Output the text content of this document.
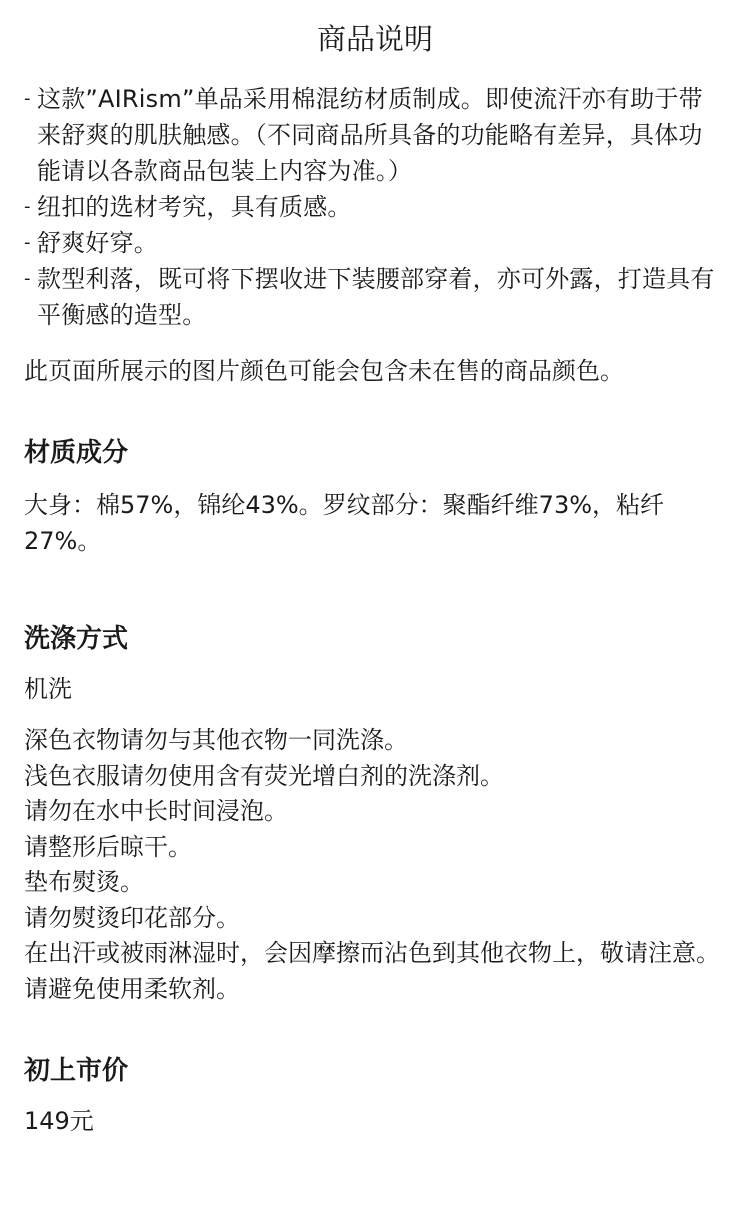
商品说明
- 这款”AIRism”单品采用棉混纺材质制成。即使流汗亦有助于带来舒爽的肌肤触感。（不同商品所具备的功能略有差异，具体功能请以各款商品包装上内容为准。）
- 纽扣的选材考究，具有质感。
- 舒爽好穿。
- 款型利落，既可将下摆收进下装腰部穿着，亦可外露，打造具有平衡感的造型。

此页面所展示的图片颜色可能会包含未在售的商品颜色。

材质成分

大身：棉57%，锦纶43%。罗纹部分：聚酯纤维73%，粘纤27%。

洗涤方式

机洗

深色衣物请勿与其他衣物一同洗涤。
浅色衣服请勿使用含有荧光增白剂的洗涤剂。
请勿在水中长时间浸泡。
请整形后晾干。
垫布熨烫。
请勿熨烫印花部分。
在出汗或被雨淋湿时，会因摩擦而沾色到其他衣物上，敬请注意。
请避免使用柔软剂。
初上市价

149元
